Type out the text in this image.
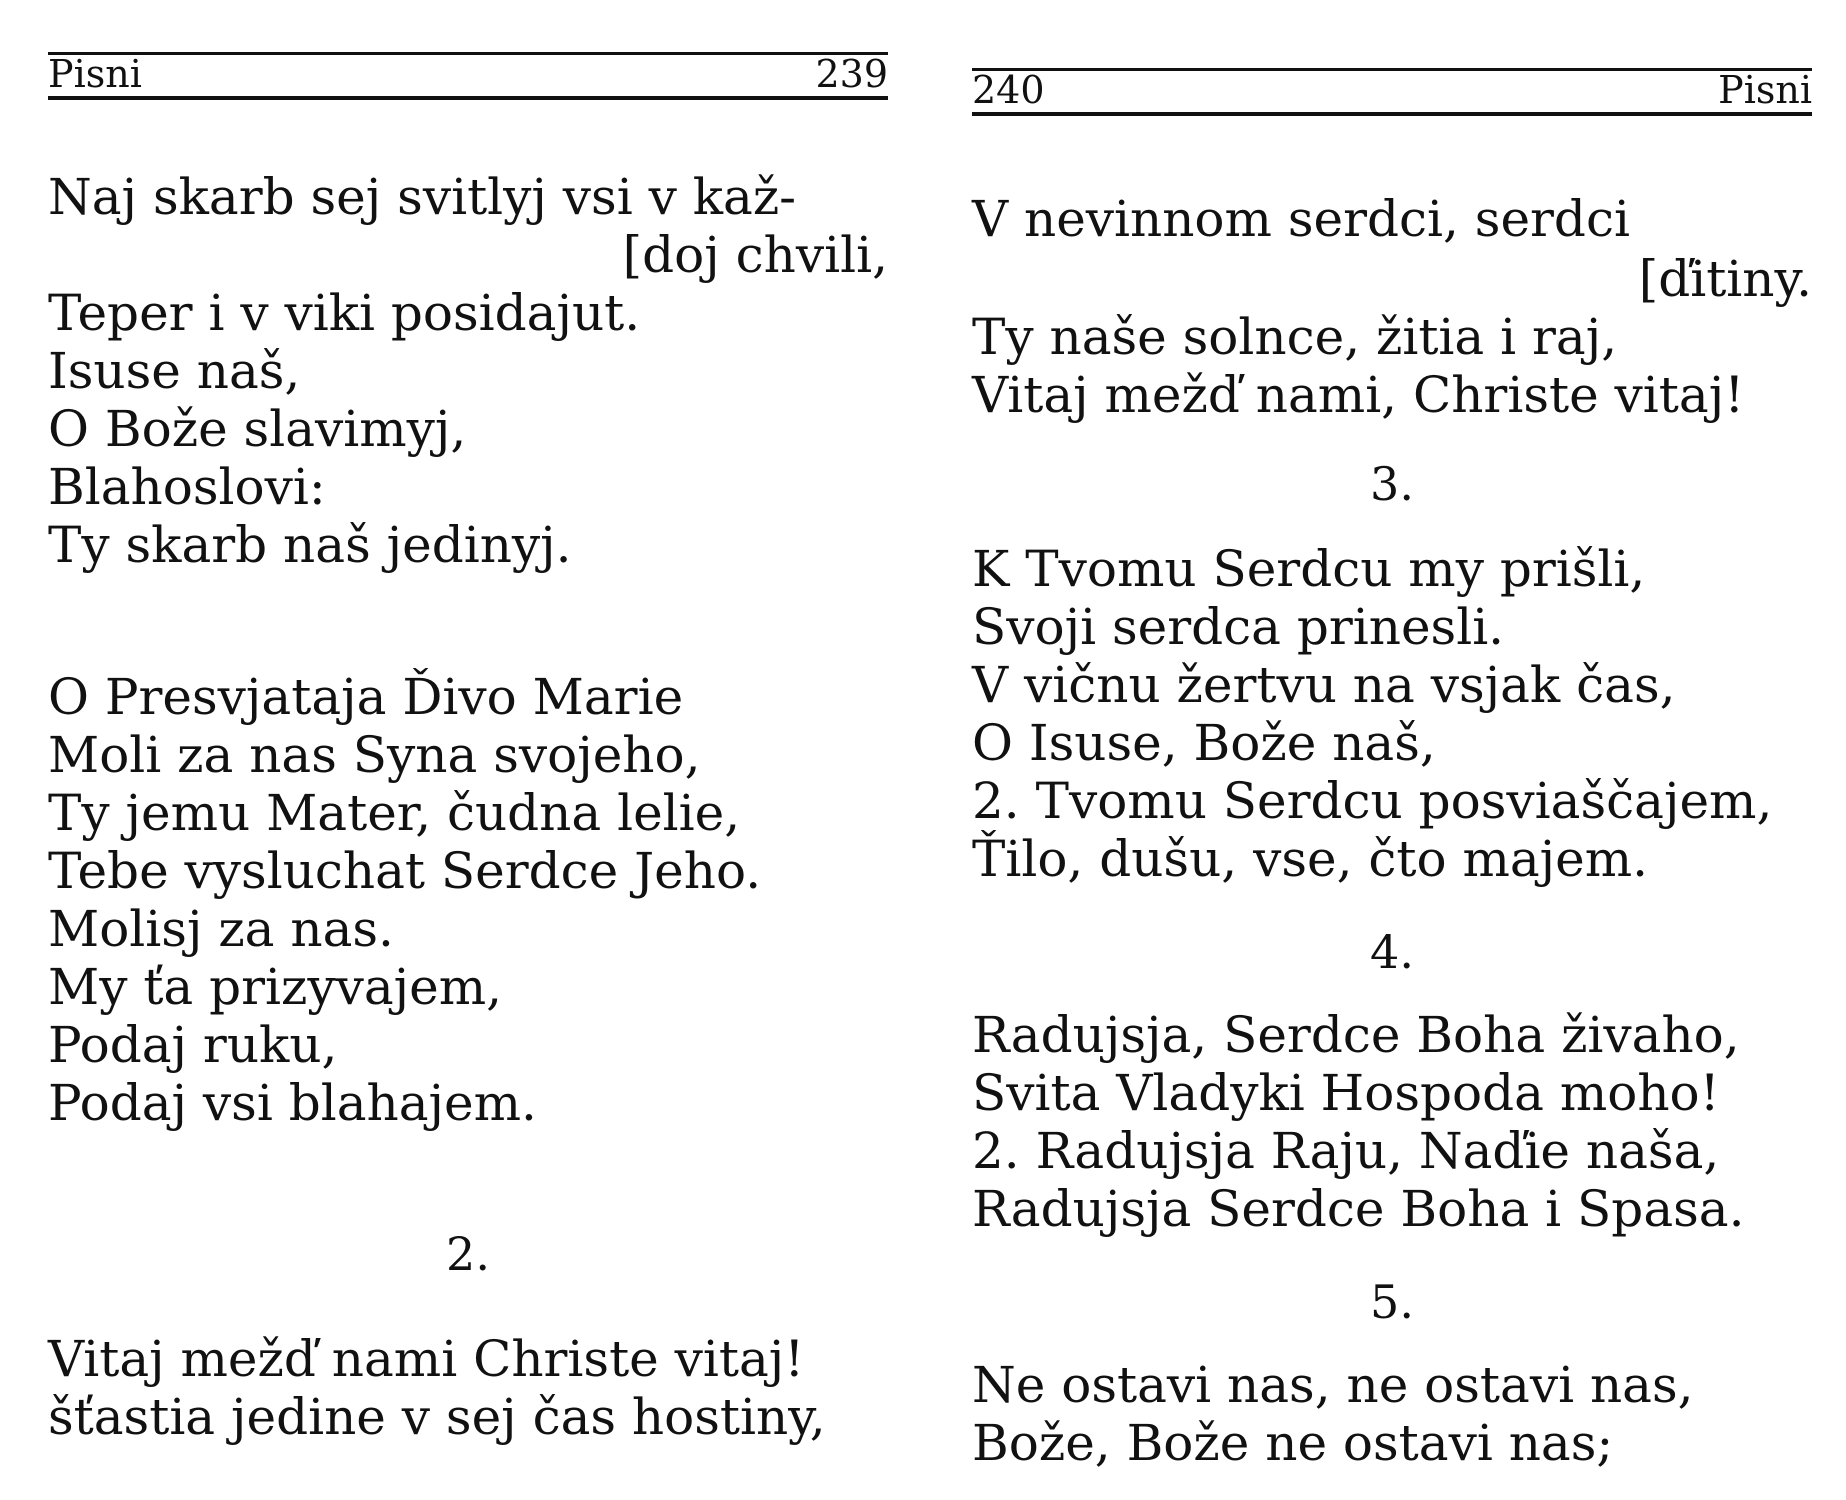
Pisni	239
Naj skarb sej svitlyj vsi v kaž-
[doj chvili,
Teper i v viki posidajut.
Isuse naš,
O Bože slavimyj,
Blahoslovi:
Ty skarb naš jedinyj.
O Presvjataja Ďivo Marie
Moli za nas Syna svojeho,
Ty jemu Mater, čudna lelie,
Tebe vysluchat Serdce Jeho.
Molisj za nas.
My ťa prizyvajem,
Podaj ruku,
Podaj vsi blahajem.
2.
Vitaj mežď nami Christe vitaj!
šťastia jedine v sej čas hostiny,
240	Pisni
V nevinnom serdci, serdci
[ďitiny.
Ty naše solnce, žitia i raj,
Vitaj mežď nami, Christe vitaj!
3.
K Tvomu Serdcu my prišli,
Svoji serdca prinesli.
V vičnu žertvu na vsjak čas,
O Isuse, Bože naš,
2. Tvomu Serdcu posviaščajem,
Ťilo, dušu, vse, čto majem.
4.
Radujsja, Serdce Boha živaho,
Svita Vladyki Hospoda moho!
2. Radujsja Raju, Naďie naša,
Radujsja Serdce Boha i Spasa.
5.
Ne ostavi nas, ne ostavi nas,
Bože, Bože ne ostavi nas;
